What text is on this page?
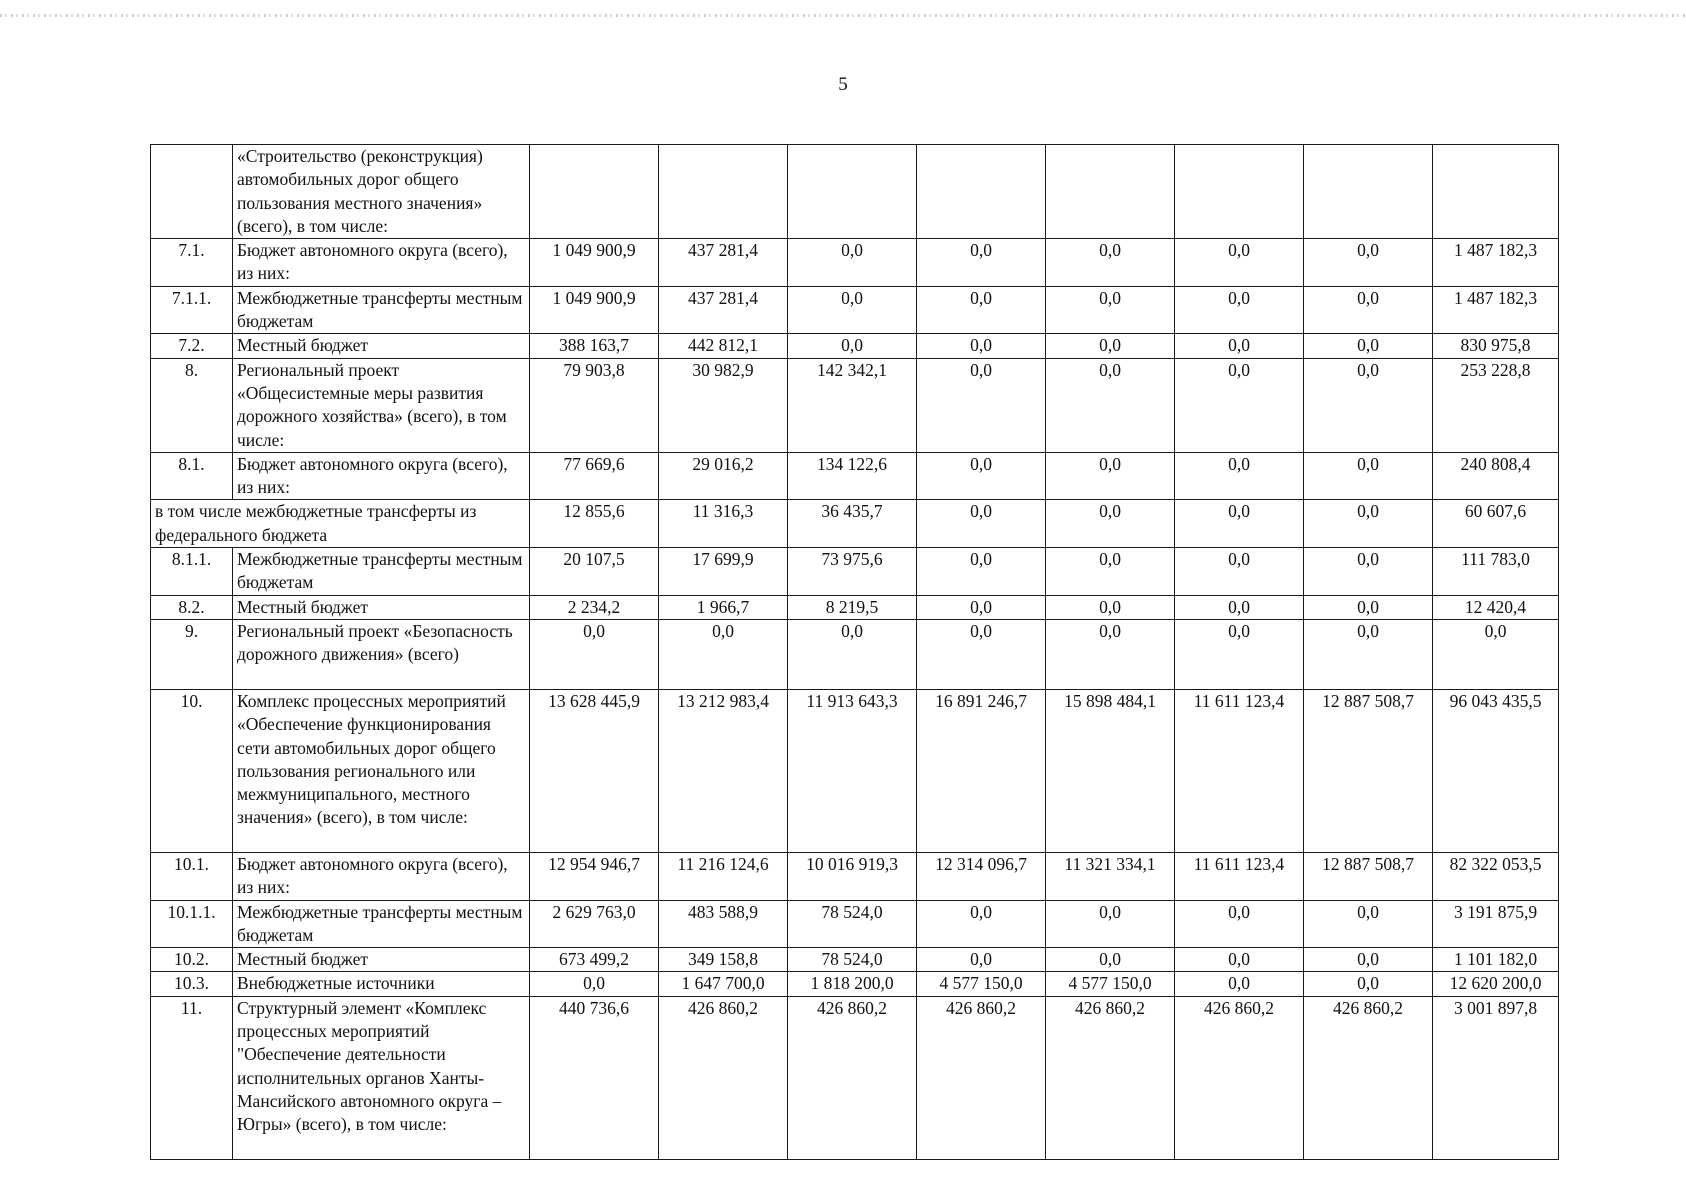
5
	«Строительство (реконструкция) автомобильных дорог общего пользования местного значения» (всего), в том числе:								
7.1.	Бюджет автономного округа (всего), из них:	1 049 900,9	437 281,4	0,0	0,0	0,0	0,0	0,0	1 487 182,3
7.1.1.	Межбюджетные трансферты местным бюджетам	1 049 900,9	437 281,4	0,0	0,0	0,0	0,0	0,0	1 487 182,3
7.2.	Местный бюджет	388 163,7	442 812,1	0,0	0,0	0,0	0,0	0,0	830 975,8
8.	Региональный проект «Общесистемные меры развития дорожного хозяйства» (всего), в том числе:	79 903,8	30 982,9	142 342,1	0,0	0,0	0,0	0,0	253 228,8
8.1.	Бюджет автономного округа (всего), из них:	77 669,6	29 016,2	134 122,6	0,0	0,0	0,0	0,0	240 808,4
в том числе межбюджетные трансферты из федерального бюджета		12 855,6	11 316,3	36 435,7	0,0	0,0	0,0	0,0	60 607,6
8.1.1.	Межбюджетные трансферты местным бюджетам	20 107,5	17 699,9	73 975,6	0,0	0,0	0,0	0,0	111 783,0
8.2.	Местный бюджет	2 234,2	1 966,7	8 219,5	0,0	0,0	0,0	0,0	12 420,4
9.	Региональный проект «Безопасность дорожного движения» (всего)	0,0	0,0	0,0	0,0	0,0	0,0	0,0	0,0
10.	Комплекс процессных мероприятий «Обеспечение функционирования сети автомобильных дорог общего пользования регионального или межмуниципального, местного значения» (всего), в том числе:	13 628 445,9	13 212 983,4	11 913 643,3	16 891 246,7	15 898 484,1	11 611 123,4	12 887 508,7	96 043 435,5
10.1.	Бюджет автономного округа (всего), из них:	12 954 946,7	11 216 124,6	10 016 919,3	12 314 096,7	11 321 334,1	11 611 123,4	12 887 508,7	82 322 053,5
10.1.1.	Межбюджетные трансферты местным бюджетам	2 629 763,0	483 588,9	78 524,0	0,0	0,0	0,0	0,0	3 191 875,9
10.2.	Местный бюджет	673 499,2	349 158,8	78 524,0	0,0	0,0	0,0	0,0	1 101 182,0
10.3.	Внебюджетные источники	0,0	1 647 700,0	1 818 200,0	4 577 150,0	4 577 150,0	0,0	0,0	12 620 200,0
11.	Структурный элемент «Комплекс процессных мероприятий "Обеспечение деятельности исполнительных органов Ханты-Мансийского автономного округа – Югры» (всего), в том числе:	440 736,6	426 860,2	426 860,2	426 860,2	426 860,2	426 860,2	426 860,2	3 001 897,8
